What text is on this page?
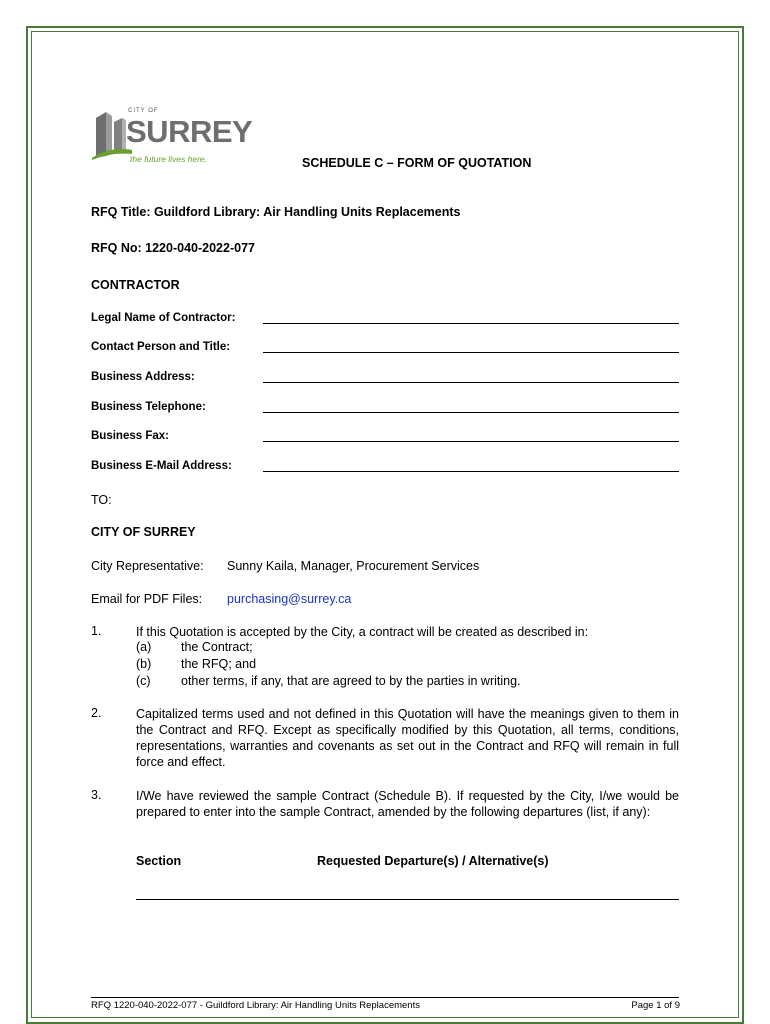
CITY OF
SURREY
the future lives here.	SCHEDULE C – FORM OF QUOTATION
RFQ Title: Guildford Library: Air Handling Units Replacements
RFQ No: 1220-040-2022-077
CONTRACTOR
Legal Name of Contractor:
Contact Person and Title:
Business Address:
Business Telephone:
Business Fax:
Business E-Mail Address:
TO:
CITY OF SURREY
City Representative: Sunny Kaila, Manager, Procurement Services
Email for PDF Files: purchasing@surrey.ca
1.	If this Quotation is accepted by the City, a contract will be created as described in:
(a) the Contract;
(b) the RFQ; and
(c) other terms, if any, that are agreed to by the parties in writing.
2.	Capitalized terms used and not defined in this Quotation will have the meanings given to them in the Contract and RFQ. Except as specifically modified by this Quotation, all terms, conditions, representations, warranties and covenants as set out in the Contract and RFQ will remain in full force and effect.
3.	I/We have reviewed the sample Contract (Schedule B). If requested by the City, I/we would be prepared to enter into the sample Contract, amended by the following departures (list, if any):
Section	Requested Departure(s) / Alternative(s)
RFQ 1220-040-2022-077 - Guildford Library: Air Handling Units Replacements	Page 1 of 9
